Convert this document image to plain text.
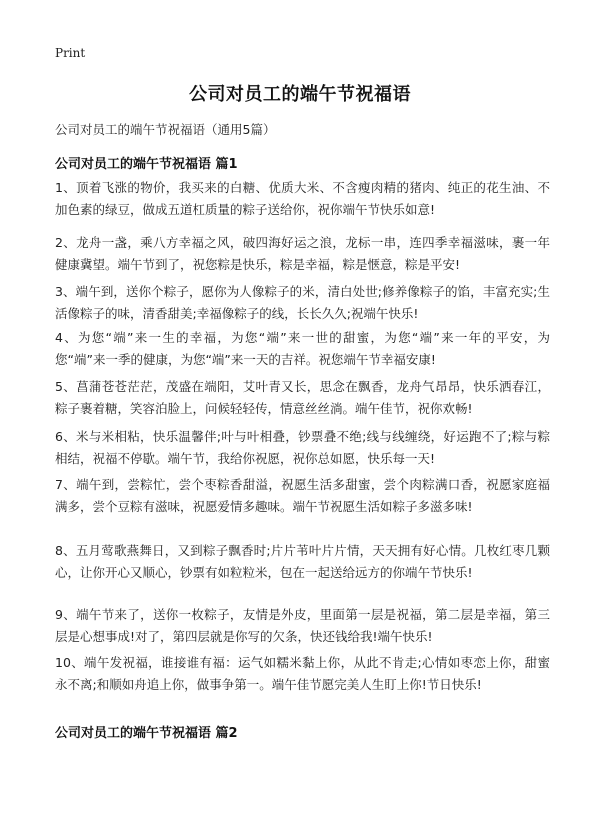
Print
公司对员工的端午节祝福语
公司对员工的端午节祝福语（通用5篇）
公司对员工的端午节祝福语 篇1
1、顶着飞涨的物价，我买来的白糖、优质大米、不含瘦肉精的猪肉、纯正的花生油、不加色素的绿豆，做成五道杠质量的粽子送给你，祝你端午节快乐如意!
2、龙舟一盏，乘八方幸福之风，破四海好运之浪，龙标一串，连四季幸福滋味，裹一年健康冀望。端午节到了，祝您粽是快乐，粽是幸福，粽是惬意，粽是平安!
3、端午到，送你个粽子，愿你为人像粽子的米，清白处世;修养像粽子的馅，丰富充实;生活像粽子的味，清香甜美;幸福像粽子的线，长长久久;祝端午快乐!
4、为您“端”来一生的幸福，为您“端”来一世的甜蜜，为您“端”来一年的平安，为您“端”来一季的健康，为您“端”来一天的吉祥。祝您端午节幸福安康!
5、菖蒲苍苍茫茫，茂盛在端阳，艾叶青又长，思念在飘香，龙舟气昂昂，快乐洒春江，粽子裹着糖，笑容泊脸上，问候轻轻传，情意丝丝淌。端午佳节，祝你欢畅!
6、米与米相粘，快乐温馨伴;叶与叶相叠，钞票叠不绝;线与线缠绕，好运跑不了;粽与粽相结，祝福不停歇。端午节，我给你祝愿，祝你总如愿，快乐每一天!
7、端午到，尝粽忙，尝个枣粽香甜溢，祝愿生活多甜蜜，尝个肉粽满口香，祝愿家庭福满多，尝个豆粽有滋味，祝愿爱情多趣味。端午节祝愿生活如粽子多滋多味!
8、五月莺歌燕舞日，又到粽子飘香时;片片苇叶片片情，天天拥有好心情。几枚红枣几颗心，让你开心又顺心，钞票有如粒粒米，包在一起送给远方的你端午节快乐!
9、端午节来了，送你一枚粽子，友情是外皮，里面第一层是祝福，第二层是幸福，第三层是心想事成!对了，第四层就是你写的欠条，快还钱给我!端午快乐!
10、端午发祝福，谁接谁有福：运气如糯米黏上你，从此不肯走;心情如枣恋上你，甜蜜永不离;和顺如舟追上你，做事争第一。端午佳节愿完美人生盯上你!节日快乐!
公司对员工的端午节祝福语 篇2
